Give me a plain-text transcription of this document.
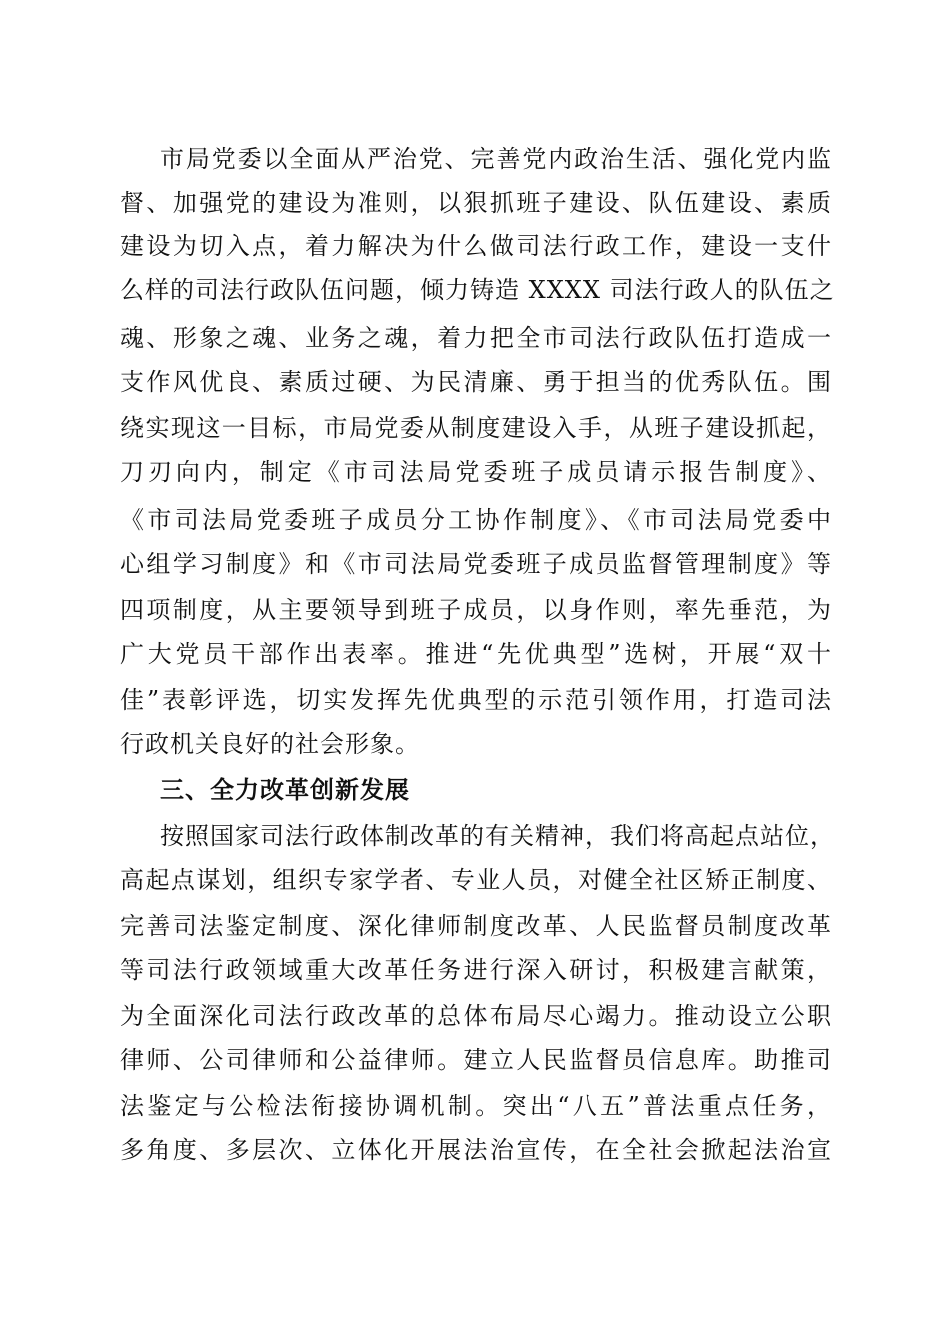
市局党委以全面从严治党、完善党内政治生活、强化党内监
督、加强党的建设为准则，以狠抓班子建设、队伍建设、素质
建设为切入点，着力解决为什么做司法行政工作，建设一支什
么样的司法行政队伍问题，倾力铸造 XXXX 司法行政人的队伍之
魂、形象之魂、业务之魂，着力把全市司法行政队伍打造成一
支作风优良、素质过硬、为民清廉、勇于担当的优秀队伍。围
绕实现这一目标，市局党委从制度建设入手，从班子建设抓起，
刀刃向内，制定《市司法局党委班子成员请示报告制度》、
《市司法局党委班子成员分工协作制度》、《市司法局党委中
心组学习制度》和《市司法局党委班子成员监督管理制度》等
四项制度，从主要领导到班子成员，以身作则，率先垂范，为
广大党员干部作出表率。推进“先优典型”选树，开展“双十
佳”表彰评选，切实发挥先优典型的示范引领作用，打造司法
行政机关良好的社会形象。
三、全力改革创新发展
按照国家司法行政体制改革的有关精神，我们将高起点站位，
高起点谋划，组织专家学者、专业人员，对健全社区矫正制度、
完善司法鉴定制度、深化律师制度改革、人民监督员制度改革
等司法行政领域重大改革任务进行深入研讨，积极建言献策，
为全面深化司法行政改革的总体布局尽心竭力。推动设立公职
律师、公司律师和公益律师。建立人民监督员信息库。助推司
法鉴定与公检法衔接协调机制。突出“八五”普法重点任务，
多角度、多层次、立体化开展法治宣传，在全社会掀起法治宣
